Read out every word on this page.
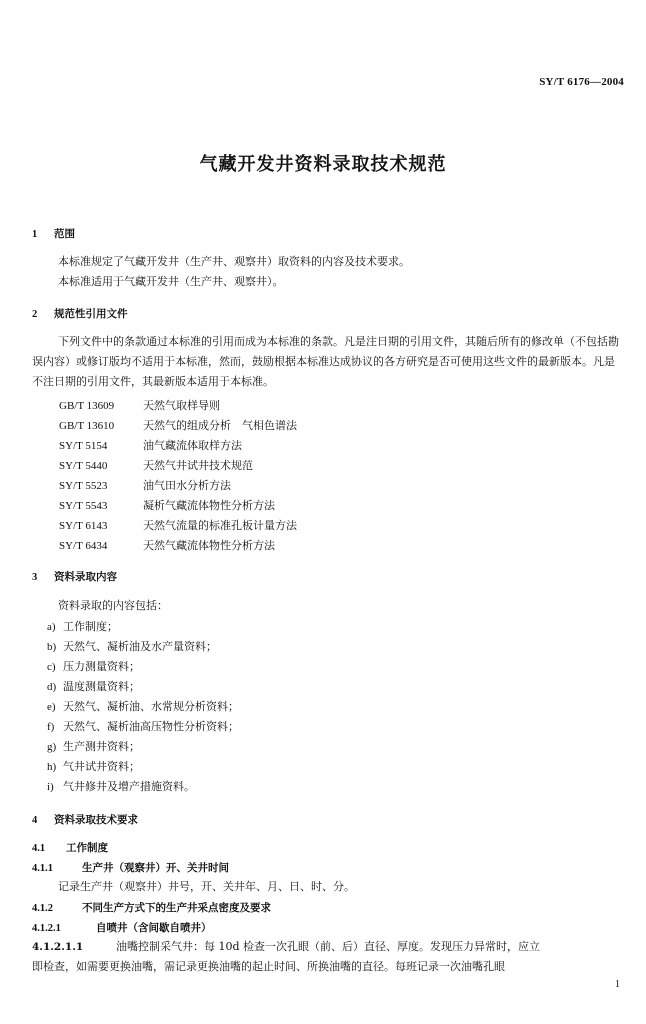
SY/T 6176—2004
气藏开发井资料录取技术规范
1 范围
本标准规定了气藏开发井（生产井、观察井）取资料的内容及技术要求。
本标准适用于气藏开发井（生产井、观察井）。
2 规范性引用文件

下列文件中的条款通过本标准的引用而成为本标准的条款。凡是注日期的引用文件，其随后所有的修改单（不包括勘误内容）或修订版均不适用于本标准，然而，鼓励根据本标准达成协议的各方研究是否可使用这些文件的最新版本。凡是不注日期的引用文件，其最新版本适用于本标准。

GB/T 13609	天然气取样导则
GB/T 13610	天然气的组成分析　气相色谱法
SY/T 5154	油气藏流体取样方法
SY/T 5440	天然气井试井技术规范
SY/T 5523	油气田水分析方法
SY/T 5543	凝析气藏流体物性分析方法
SY/T 6143	天然气流量的标准孔板计量方法
SY/T 6434	天然气藏流体物性分析方法
3 资料录取内容
资料录取的内容包括：
a) 工作制度；
b) 天然气、凝析油及水产量资料；
c) 压力测量资料；
d) 温度测量资料；
e) 天然气、凝析油、水常规分析资料；
f) 天然气、凝析油高压物性分析资料；
g) 生产测井资料；
h) 气井试井资料；
i) 气井修井及增产措施资料。
4 资料录取技术要求
4.1 工作制度
4.1.1	生产井（观察井）开、关井时间
记录生产井（观察井）井号，开、关井年、月、日、时、分。
4.1.2	不同生产方式下的生产井采点密度及要求
4.1.2.1	自喷井（含间歇自喷井）
4.1.2.1.1	油嘴控制采气井：每 10d 检查一次孔眼（前、后）直径、厚度。发现压力异常时，应立
即检查，如需要更换油嘴，需记录更换油嘴的起止时间、所换油嘴的直径。每班记录一次油嘴孔眼
1
